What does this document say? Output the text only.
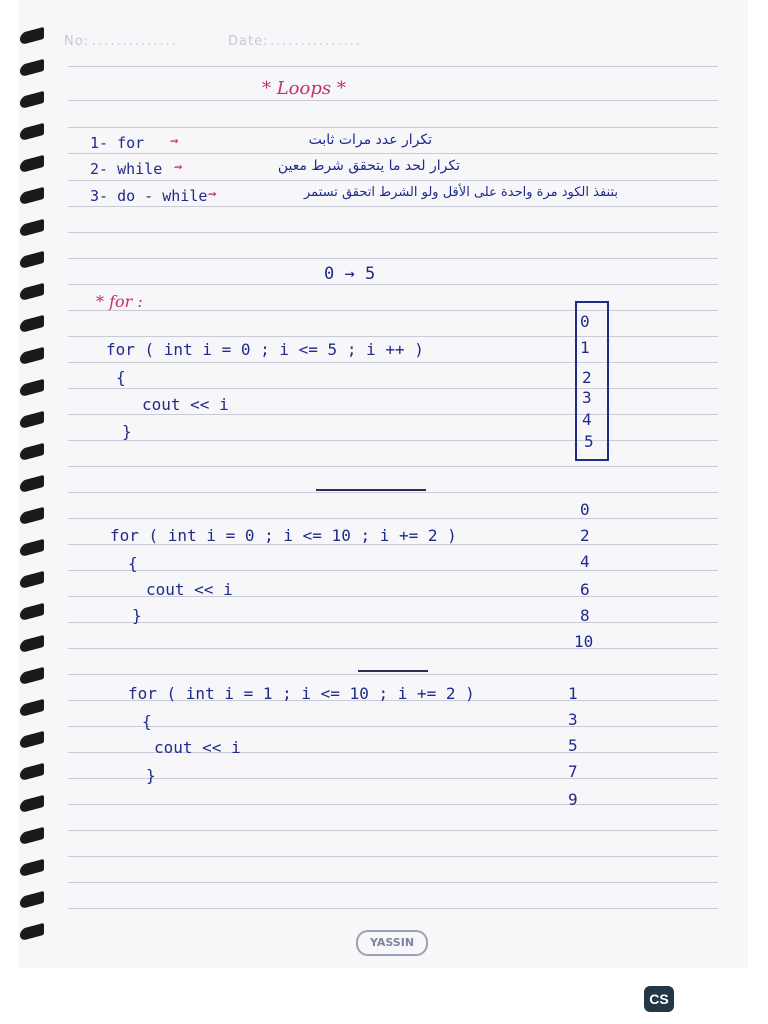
No: ..............	Date: ...............
* Loops *
1- for ⇝	تكرار عدد مرات ثابت
2- while ⇝	تكرار لحد ما يتحقق شرط معين
3- do - while ⇝	بتنفذ الكود مرة واحدة على الأقل ولو الشرط اتحقق تستمر
0 → 5
* for :
for ( int i = 0 ; i <= 5 ; i ++ )
{
cout << i
}
0
1
2
3
4
5
for ( int i = 0 ; i <= 10 ; i += 2 )
{
cout << i
}
0
2
4
6
8
10
for ( int i = 1 ; i <= 10 ; i += 2 )
{
cout << i
}
1
3
5
7
9
YASSIN
CS
